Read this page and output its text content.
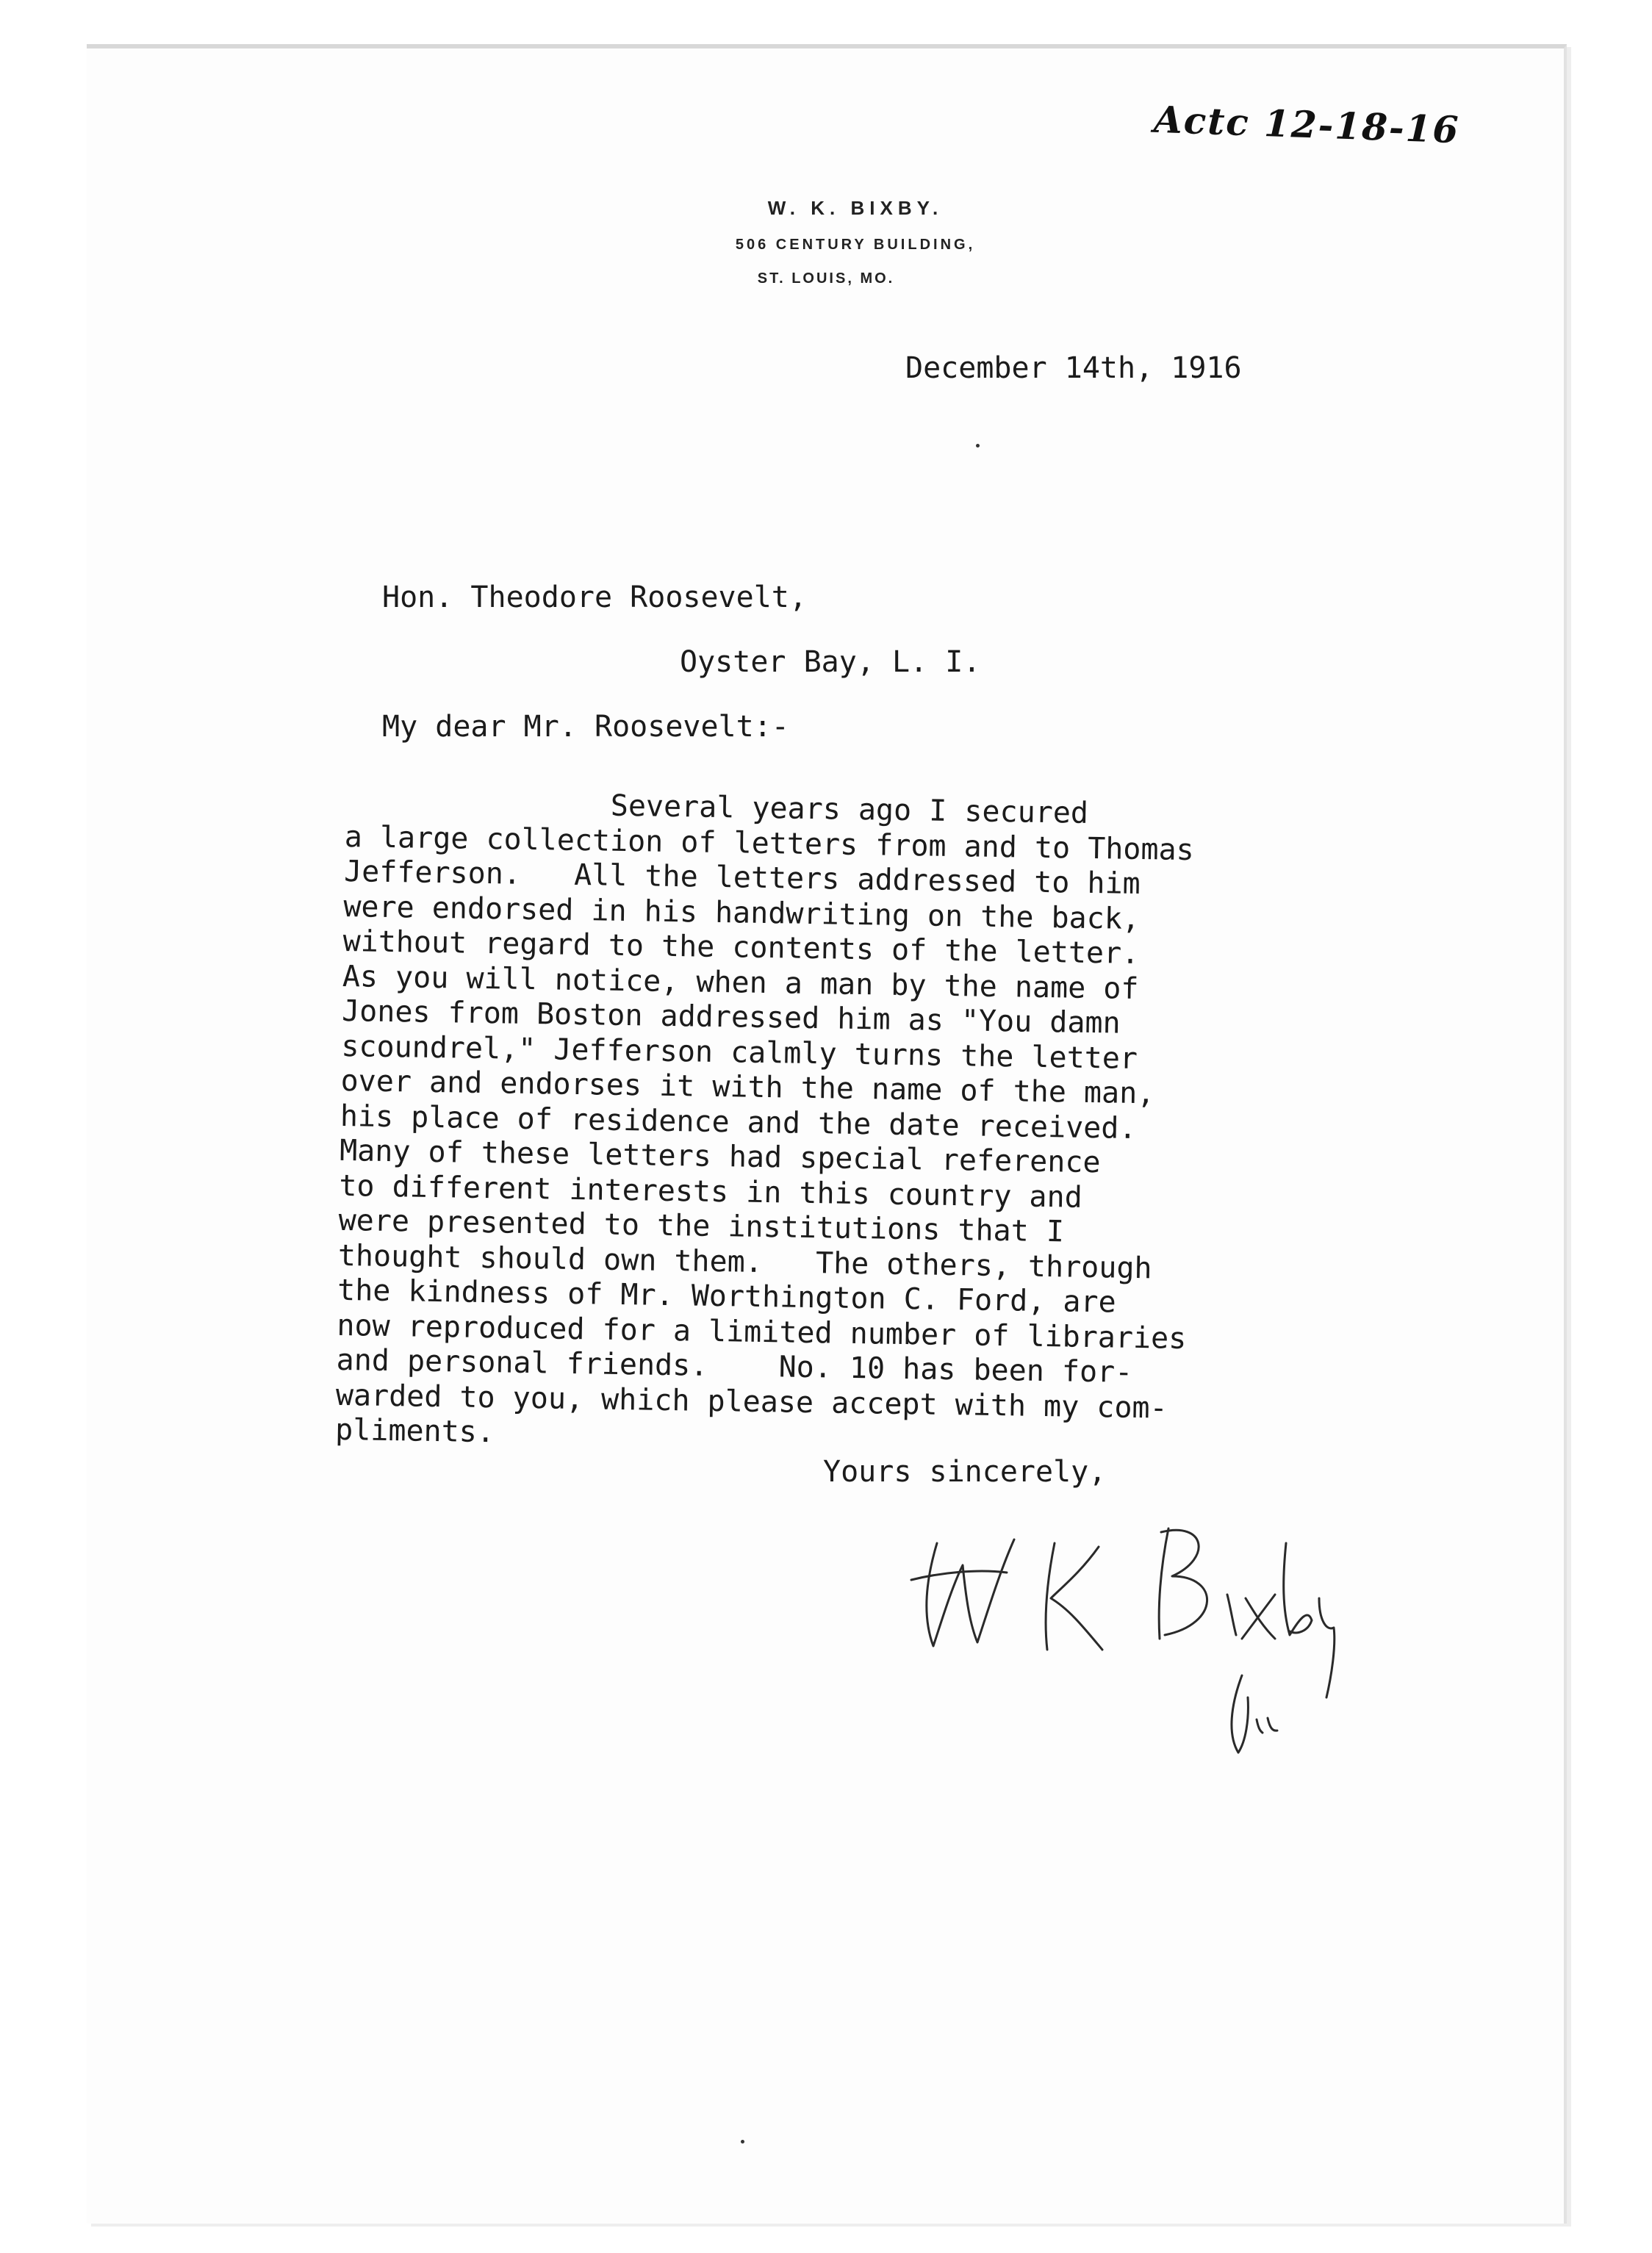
Actc 12-18-16
W. K. BIXBY.
506 CENTURY BUILDING,
ST. LOUIS, MO.
December 14th, 1916
Hon. Theodore Roosevelt,
Oyster Bay, L. I.
My dear Mr. Roosevelt:-
Several years ago I secured
a large collection of letters from and to Thomas
Jefferson.   All the letters addressed to him
were endorsed in his handwriting on the back,
without regard to the contents of the letter.
As you will notice, when a man by the name of
Jones from Boston addressed him as "You damn
scoundrel," Jefferson calmly turns the letter
over and endorses it with the name of the man,
his place of residence and the date received.
Many of these letters had special reference
to different interests in this country and
were presented to the institutions that I
thought should own them.   The others, through
the kindness of Mr. Worthington C. Ford, are
now reproduced for a limited number of libraries
and personal friends.    No. 10 has been for-
warded to you, which please accept with my com-
pliments.
Yours sincerely,
